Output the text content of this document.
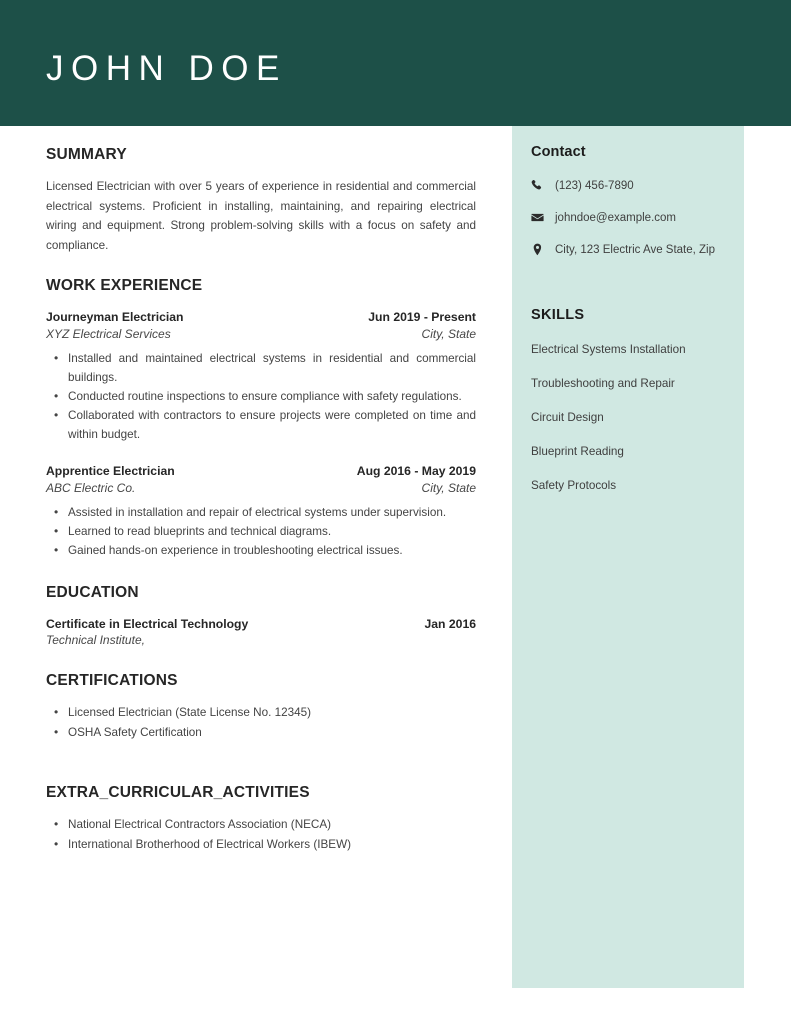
JOHN DOE
SUMMARY
Licensed Electrician with over 5 years of experience in residential and commercial electrical systems. Proficient in installing, maintaining, and repairing electrical wiring and equipment. Strong problem-solving skills with a focus on safety and compliance.
WORK EXPERIENCE
Journeyman Electrician	Jun 2019 - Present
XYZ Electrical Services	City, State
• Installed and maintained electrical systems in residential and commercial buildings.
• Conducted routine inspections to ensure compliance with safety regulations.
• Collaborated with contractors to ensure projects were completed on time and within budget.
Apprentice Electrician	Aug 2016 - May 2019
ABC Electric Co.	City, State
• Assisted in installation and repair of electrical systems under supervision.
• Learned to read blueprints and technical diagrams.
• Gained hands-on experience in troubleshooting electrical issues.
EDUCATION
Certificate in Electrical Technology	Jan 2016
Technical Institute,
CERTIFICATIONS
• Licensed Electrician (State License No. 12345)
• OSHA Safety Certification
EXTRA_CURRICULAR_ACTIVITIES
• National Electrical Contractors Association (NECA)
• International Brotherhood of Electrical Workers (IBEW)
Contact
(123) 456-7890
johndoe@example.com
City, 123 Electric Ave State, Zip
SKILLS
Electrical Systems Installation
Troubleshooting and Repair
Circuit Design
Blueprint Reading
Safety Protocols
